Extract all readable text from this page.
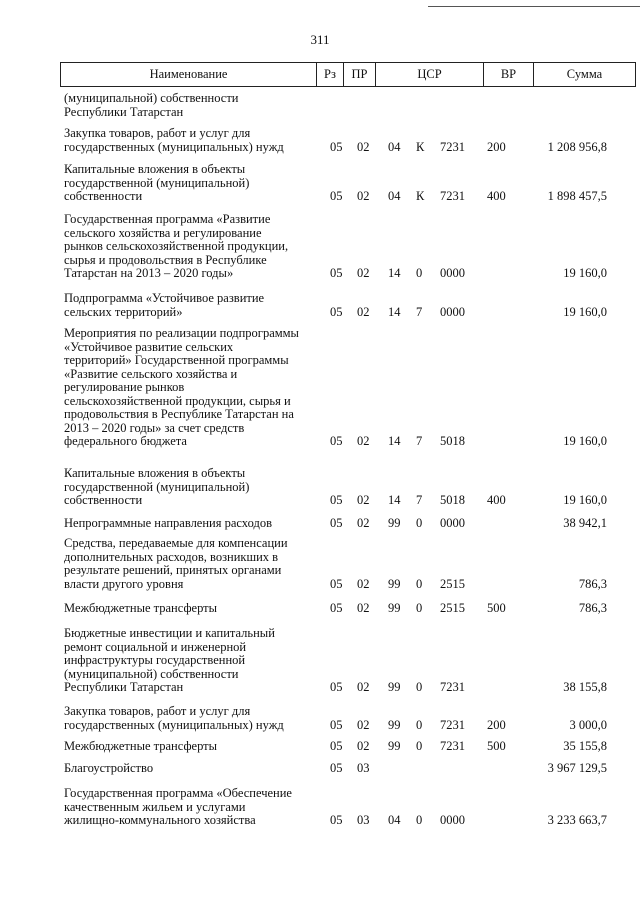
311
Наименование	Рз	ПР	ЦСР	ВР	Сумма
(муниципальной) собственности
Республики Татарстан
Закупка товаров, работ и услуг для
государственных (муниципальных) нужд	05 02 04 К 7231 200	1 208 956,8
Капитальные вложения в объекты
государственной (муниципальной)
собственности	05 02 04 К 7231 400	1 898 457,5
Государственная программа «Развитие
сельского хозяйства и регулирование
рынков сельскохозяйственной продукции,
сырья и продовольствия в Республике
Татарстан на 2013 – 2020 годы»	05 02 14 0 0000	19 160,0
Подпрограмма «Устойчивое развитие
сельских территорий»	05 02 14 7 0000	19 160,0
Мероприятия по реализации подпрограммы
«Устойчивое развитие сельских
территорий» Государственной программы
«Развитие сельского хозяйства и
регулирование рынков
сельскохозяйственной продукции, сырья и
продовольствия в Республике Татарстан на
2013 – 2020 годы» за счет средств
федерального бюджета	05 02 14 7 5018	19 160,0
Капитальные вложения в объекты
государственной (муниципальной)
собственности	05 02 14 7 5018 400	19 160,0
Непрограммные направления расходов	05 02 99 0 0000	38 942,1
Средства, передаваемые для компенсации
дополнительных расходов, возникших в
результате решений, принятых органами
власти другого уровня	05 02 99 0 2515	786,3
Межбюджетные трансферты	05 02 99 0 2515 500	786,3
Бюджетные инвестиции и капитальный
ремонт социальной и инженерной
инфраструктуры государственной
(муниципальной) собственности
Республики Татарстан	05 02 99 0 7231	38 155,8
Закупка товаров, работ и услуг для
государственных (муниципальных) нужд	05 02 99 0 7231 200	3 000,0
Межбюджетные трансферты	05 02 99 0 7231 500	35 155,8
Благоустройство	05 03	3 967 129,5
Государственная программа «Обеспечение
качественным жильем и услугами
жилищно-коммунального хозяйства	05 03 04 0 0000	3 233 663,7
